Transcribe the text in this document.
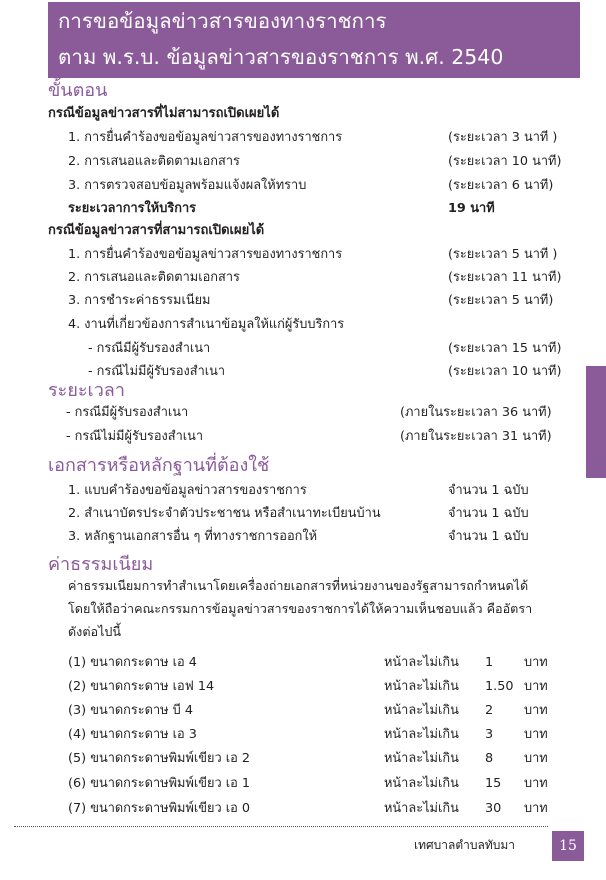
การขอข้อมูลข่าวสารของทางราชการ
ตาม พ.ร.บ. ข้อมูลข่าวสารของราชการ พ.ศ. 2540
ขั้นตอน
กรณีข้อมูลข่าวสารที่ไม่สามารถเปิดเผยได้
1. การยื่นคำร้องขอข้อมูลข่าวสารของทางราชการ	(ระยะเวลา 3 นาที )
2. การเสนอและติดตามเอกสาร	(ระยะเวลา 10 นาที)
3. การตรวจสอบข้อมูลพร้อมแจ้งผลให้ทราบ	(ระยะเวลา 6 นาที)
ระยะเวลาการให้บริการ	19 นาที
กรณีข้อมูลข่าวสารที่สามารถเปิดเผยได้
1. การยื่นคำร้องขอข้อมูลข่าวสารของทางราชการ	(ระยะเวลา 5 นาที )
2. การเสนอและติดตามเอกสาร	(ระยะเวลา 11 นาที)
3. การชำระค่าธรรมเนียม	(ระยะเวลา 5 นาที)
4. งานที่เกี่ยวข้องการสำเนาข้อมูลให้แก่ผู้รับบริการ
- กรณีมีผู้รับรองสำเนา	(ระยะเวลา 15 นาที)
- กรณีไม่มีผู้รับรองสำเนา	(ระยะเวลา 10 นาที)
ระยะเวลา
- กรณีมีผู้รับรองสำเนา	(ภายในระยะเวลา 36 นาที)
- กรณีไม่มีผู้รับรองสำเนา	(ภายในระยะเวลา 31 นาที)
เอกสารหรือหลักฐานที่ต้องใช้
1. แบบคำร้องขอข้อมูลข่าวสารของราชการ	จำนวน 1 ฉบับ
2. สำเนาบัตรประจำตัวประชาชน หรือสำเนาทะเบียนบ้าน	จำนวน 1 ฉบับ
3. หลักฐานเอกสารอื่น ๆ ที่ทางราชการออกให้	จำนวน 1 ฉบับ
ค่าธรรมเนียม
ค่าธรรมเนียมการทำสำเนาโดยเครื่องถ่ายเอกสารที่หน่วยงานของรัฐสามารถกำหนดได้
โดยให้ถือว่าคณะกรรมการข้อมูลข่าวสารของราชการได้ให้ความเห็นชอบแล้ว คืออัตรา
ดังต่อไปนี้
(1) ขนาดกระดาษ เอ 4	หน้าละไม่เกิน 1 บาท
(2) ขนาดกระดาษ เอฟ 14	หน้าละไม่เกิน 1.50 บาท
(3) ขนาดกระดาษ บี 4	หน้าละไม่เกิน 2 บาท
(4) ขนาดกระดาษ เอ 3	หน้าละไม่เกิน 3 บาท
(5) ขนาดกระดาษพิมพ์เขียว เอ 2	หน้าละไม่เกิน 8 บาท
(6) ขนาดกระดาษพิมพ์เขียว เอ 1	หน้าละไม่เกิน 15 บาท
(7) ขนาดกระดาษพิมพ์เขียว เอ 0	หน้าละไม่เกิน 30 บาท
เทศบาลตำบลทับมา	15
